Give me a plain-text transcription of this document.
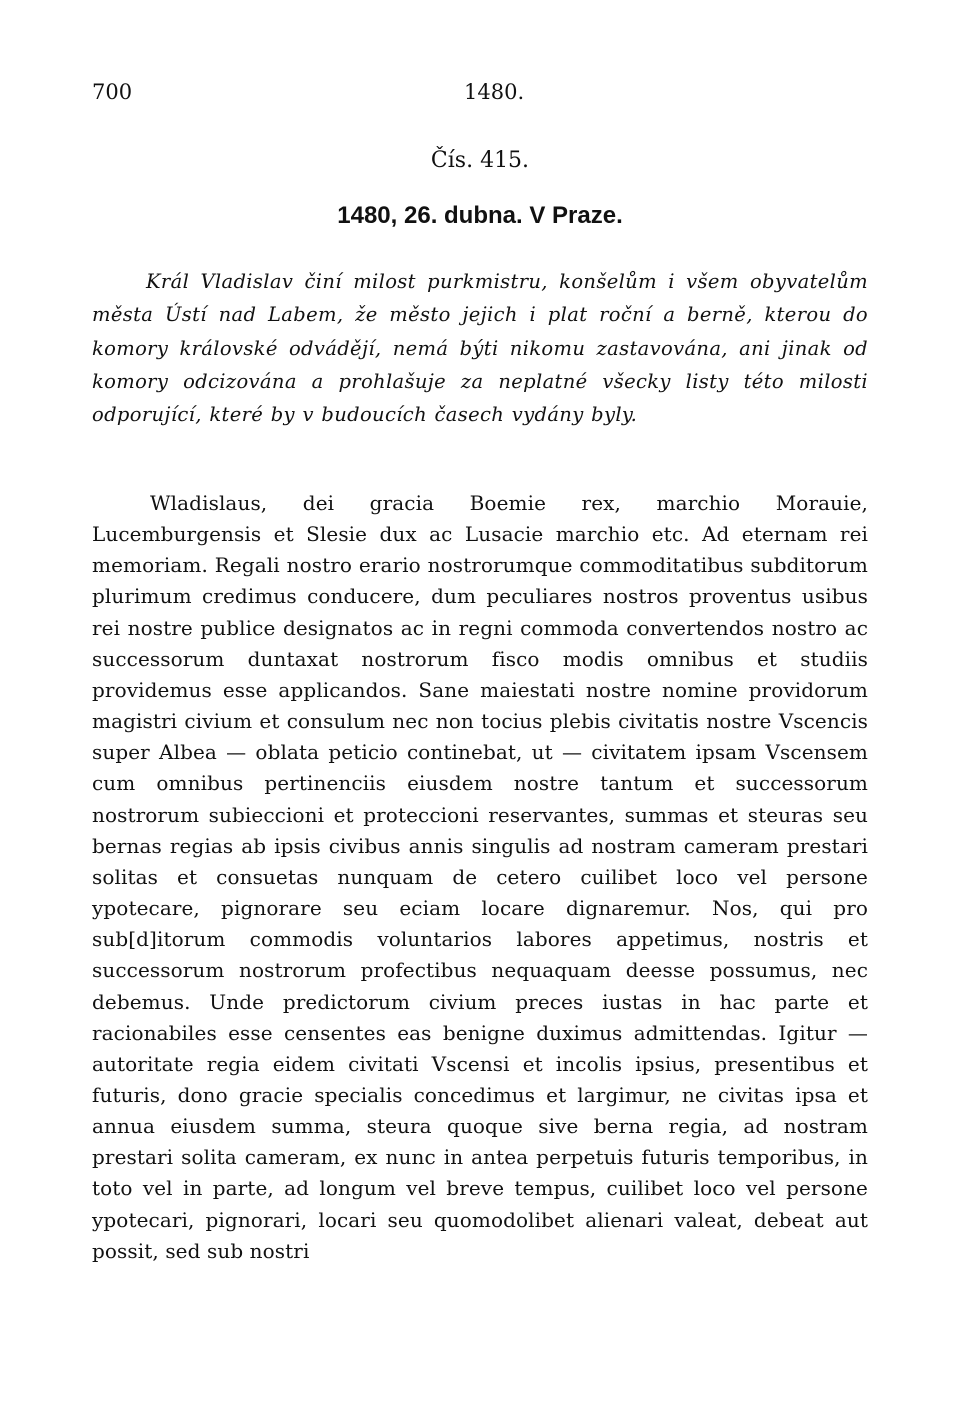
700	1480.
Čís. 415.
1480, 26. dubna. V Praze.

Král Vladislav činí milost purkmistru, konšelům i všem obyvatelům města Ústí nad Labem, že město jejich i plat roční a berně, kterou do komory královské odvádějí, nemá býti nikomu zastavována, ani jinak od komory odcizována a prohlašuje za neplatné všecky listy této milosti odporující, které by v budoucích časech vydány byly.

Wladislaus, dei gracia Boemie rex, marchio Morauie, Lucemburgensis et Slesie dux ac Lusacie marchio etc. Ad eternam rei memoriam. Regali nostro erario nostrorumque commoditatibus subditorum plurimum credimus conducere, dum peculiares nostros proventus usibus rei nostre publice designatos ac in regni commoda convertendos nostro ac successorum duntaxat nostrorum fisco modis omnibus et studiis providemus esse applicandos. Sane maiestati nostre nomine providorum magistri civium et consulum nec non tocius plebis civitatis nostre Vscencis super Albea — oblata peticio continebat, ut — civitatem ipsam Vscensem cum omnibus pertinenciis eiusdem nostre tantum et successorum nostrorum subieccioni et proteccioni reservantes, summas et steuras seu bernas regias ab ipsis civibus annis singulis ad nostram cameram prestari solitas et consuetas nunquam de cetero cuilibet loco vel persone ypotecare, pignorare seu eciam locare dignaremur. Nos, qui pro sub[d]itorum commodis voluntarios labores appetimus, nostris et successorum nostrorum profectibus nequaquam deesse possumus, nec debemus. Unde predictorum civium preces iustas in hac parte et racionabiles esse censentes eas benigne duximus admittendas. Igitur — autoritate regia eidem civitati Vscensi et incolis ipsius, presentibus et futuris, dono gracie specialis concedimus et largimur, ne civitas ipsa et annua eiusdem summa, steura quoque sive berna regia, ad nostram prestari solita cameram, ex nunc in antea perpetuis futuris temporibus, in toto vel in parte, ad longum vel breve tempus, cuilibet loco vel persone ypotecari, pignorari, locari seu quomodolibet alienari valeat, debeat aut possit, sed sub nostri
